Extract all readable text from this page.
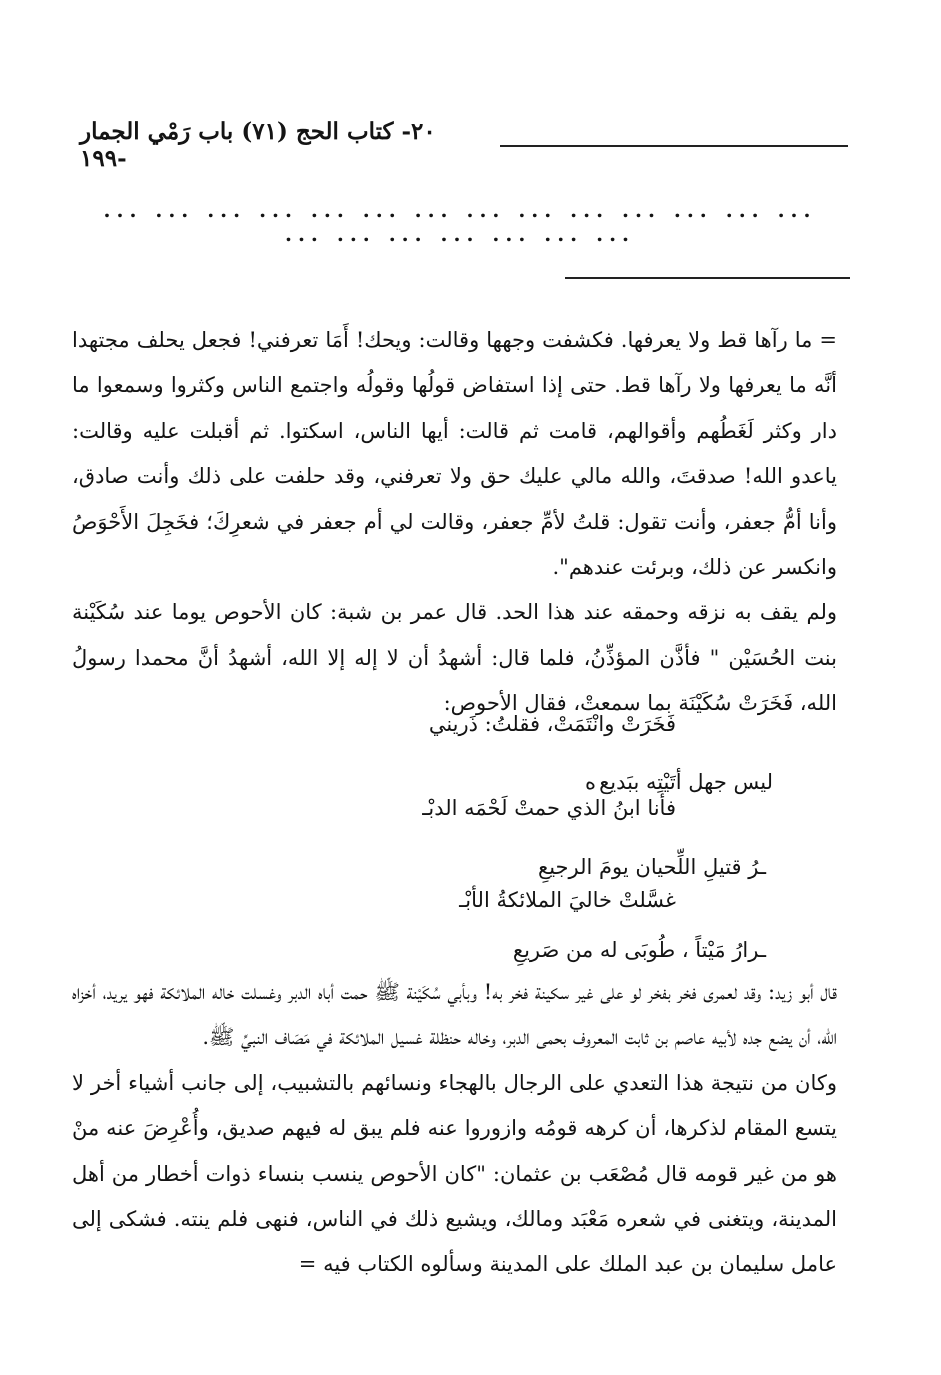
٢٠- كتاب الحج (٧١) باب رَمْي الجمار -١٩٩
... ... ... ... ... ... ... ... ... ... ... ... ... ... ... ... ... ... ... ... ...

= ما رآها قط ولا يعرفها. فكشفت وجهها وقالت: ويحك! أَمَا تعرفني! فجعل يحلف مجتهدا أنَّه ما يعرفها ولا رآها قط. حتى إذا استفاض قولُها وقولُه واجتمع الناس وكثروا وسمعوا ما دار وكثر لَغَطُهم وأقوالهم، قامت ثم قالت: أيها الناس، اسكتوا. ثم أقبلت عليه وقالت: ياعدو الله! صدقتَ، والله مالي عليك حق ولا تعرفني، وقد حلفت على ذلك وأنت صادق، وأنا أمُّ جعفر، وأنت تقول: قلتُ لأمِّ جعفر، وقالت لي أم جعفر في شعرِكَ؛ فخَجِلَ الأَحْوَصُ وانكسر عن ذلك، وبرئت عندهم".

ولم يقف به نزقه وحمقه عند هذا الحد. قال عمر بن شبة: كان الأحوص يوما عند سُكَيْنة بنت الحُسَيْن " فأذَّن المؤذِّنُ، فلما قال: أشهدُ أن لا إله إلا الله، أشهدُ أنَّ محمدا رسولُ الله، فَخَرَتْ سُكَيْنَة بما سمعتْ، فقال الأحوص:

فَخَرَتْ وانْتَمَتْ، فقلتُ: ذَريني
ه ليس جهل أتَيْتِه ببَديع
فأنا ابنُ الذي حمتْ لَحْمَه الدبْـ
ـرُ قتيلِ اللِّحيان يومَ الرجيعِ
غسَّلتْ خاليَ الملائكةُ الأبْـ
ـرارُ مَيْتاً ، طُوبَى له من صَريعِ

قال أبو زيد: وقد لعمرى فخر بفخر لو على غير سكينة فخر به! وبأبي سُكَيْنة ﷺ حمت أباه الدبر وغسلت خاله الملائكة فهو يريد، أخزاه الله، أن يضع جده لأبيه عاصم بن ثابت المعروف بحمى الدبر، وخاله حنظلة غسيل الملائكة في مَصَاف النبيِّ ﷺ.

وكان من نتيجة هذا التعدي على الرجال بالهجاء ونسائهم بالتشبيب، إلى جانب أشياء أخر لا يتسع المقام لذكرها، أن كرهه قومُه وازوروا عنه فلم يبق له فيهم صديق، وأُعْرِضَ عنه منْ هو من غير قومه قال مُصْعَب بن عثمان: "كان الأحوص ينسب بنساء ذوات أخطار من أهل المدينة، ويتغنى في شعره مَعْبَد ومالك، ويشيع ذلك في الناس، فنهى فلم ينته. فشكى إلى عامل سليمان بن عبد الملك على المدينة وسألوه الكتاب فيه =
